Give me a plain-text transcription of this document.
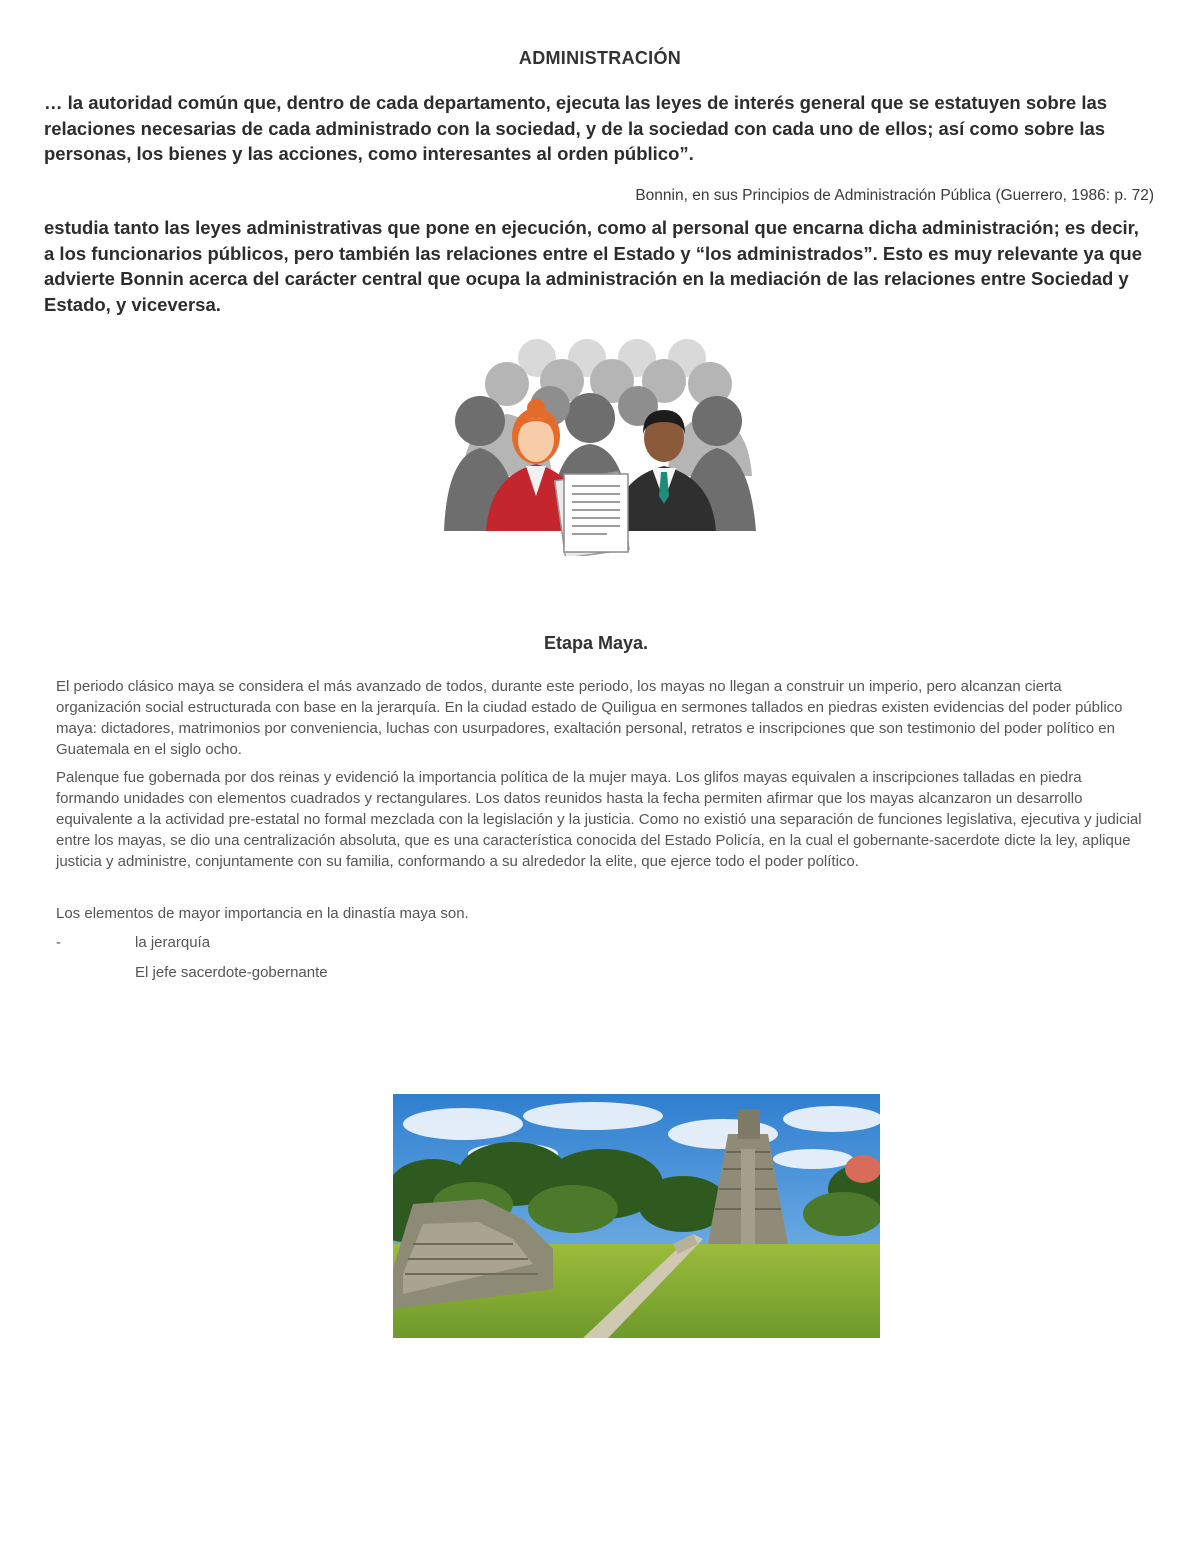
ADMINISTRACIÓN
… la autoridad común que, dentro de cada departamento, ejecuta las leyes de interés general que se estatuyen sobre las relaciones necesarias de cada administrado con la sociedad, y de la sociedad con cada uno de ellos; así como sobre las personas, los bienes y las acciones, como interesantes al orden público”.
Bonnin, en sus Principios de Administración Pública (Guerrero, 1986: p. 72)
estudia tanto las leyes administrativas que pone en ejecución, como al personal que encarna dicha administración; es decir, a los funcionarios públicos, pero también las relaciones entre el Estado y “los administrados”. Esto es muy relevante ya que advierte Bonnin acerca del carácter central que ocupa la administración en la mediación de las relaciones entre Sociedad y Estado, y viceversa.
Etapa Maya.
El periodo clásico maya se considera el más avanzado de todos, durante este periodo, los mayas no llegan a construir un imperio, pero alcanzan cierta organización social estructurada con base en la jerarquía. En la ciudad estado de Quiligua en sermones tallados en piedras existen evidencias del poder público maya: dictadores, matrimonios por conveniencia, luchas con usurpadores, exaltación personal, retratos e inscripciones que son testimonio del poder político en Guatemala en el siglo ocho.
Palenque fue gobernada por dos reinas y evidenció la importancia política de la mujer maya. Los glifos mayas equivalen a inscripciones talladas en piedra formando unidades con elementos cuadrados y rectangulares. Los datos reunidos hasta la fecha permiten afirmar que los mayas alcanzaron un desarrollo equivalente a la actividad pre-estatal no formal mezclada con la legislación y la justicia. Como no existió una separación de funciones legislativa, ejecutiva y judicial entre los mayas, se dio una centralización absoluta, que es una característica conocida del Estado Policía, en la cual el gobernante-sacerdote dicte la ley, aplique justicia y administre, conjuntamente con su familia, conformando a su alrededor la elite, que ejerce todo el poder político.
Los elementos de mayor importancia en la dinastía maya son.
-	la jerarquía
El jefe sacerdote-gobernante
